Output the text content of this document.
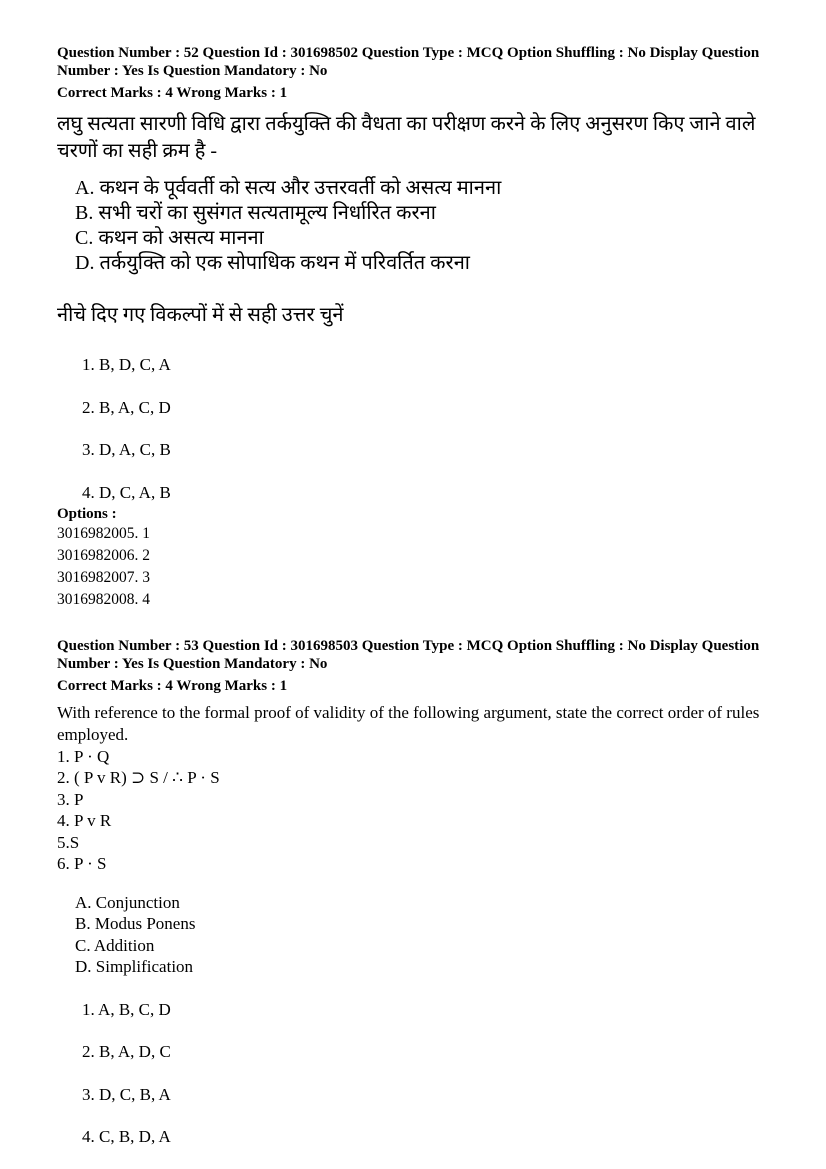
Question Number : 52 Question Id : 301698502 Question Type : MCQ Option Shuffling : No Display Question Number : Yes Is Question Mandatory : No

Correct Marks : 4 Wrong Marks : 1

लघु सत्यता सारणी विधि द्वारा तर्कयुक्ति की वैधता का परीक्षण करने के लिए अनुसरण किए जाने वाले चरणों का सही क्रम है -

A. कथन के पूर्ववर्ती को सत्य और उत्तरवर्ती को असत्य मानना

B. सभी चरों का सुसंगत सत्यतामूल्य निर्धारित करना

C. कथन को असत्य मानना

D. तर्कयुक्ति को एक सोपाधिक कथन में परिवर्तित करना

नीचे दिए गए विकल्पों में से सही उत्तर चुनें

1. B, D, C, A

2. B, A, C, D

3. D, A, C, B

4. D, C, A, B

Options :

3016982005. 1

3016982006. 2

3016982007. 3

3016982008. 4

Question Number : 53 Question Id : 301698503 Question Type : MCQ Option Shuffling : No Display Question Number : Yes Is Question Mandatory : No

Correct Marks : 4 Wrong Marks : 1

With reference to the formal proof of validity of the following argument, state the correct order of rules employed.

1. P · Q

2. ( P v R) ⊃ S / ∴ P · S

3. P

4. P v R

5.S

6. P · S

A. Conjunction

B. Modus Ponens

C. Addition

D. Simplification

1. A, B, C, D

2. B, A, D, C

3. D, C, B, A

4. C, B, D, A
